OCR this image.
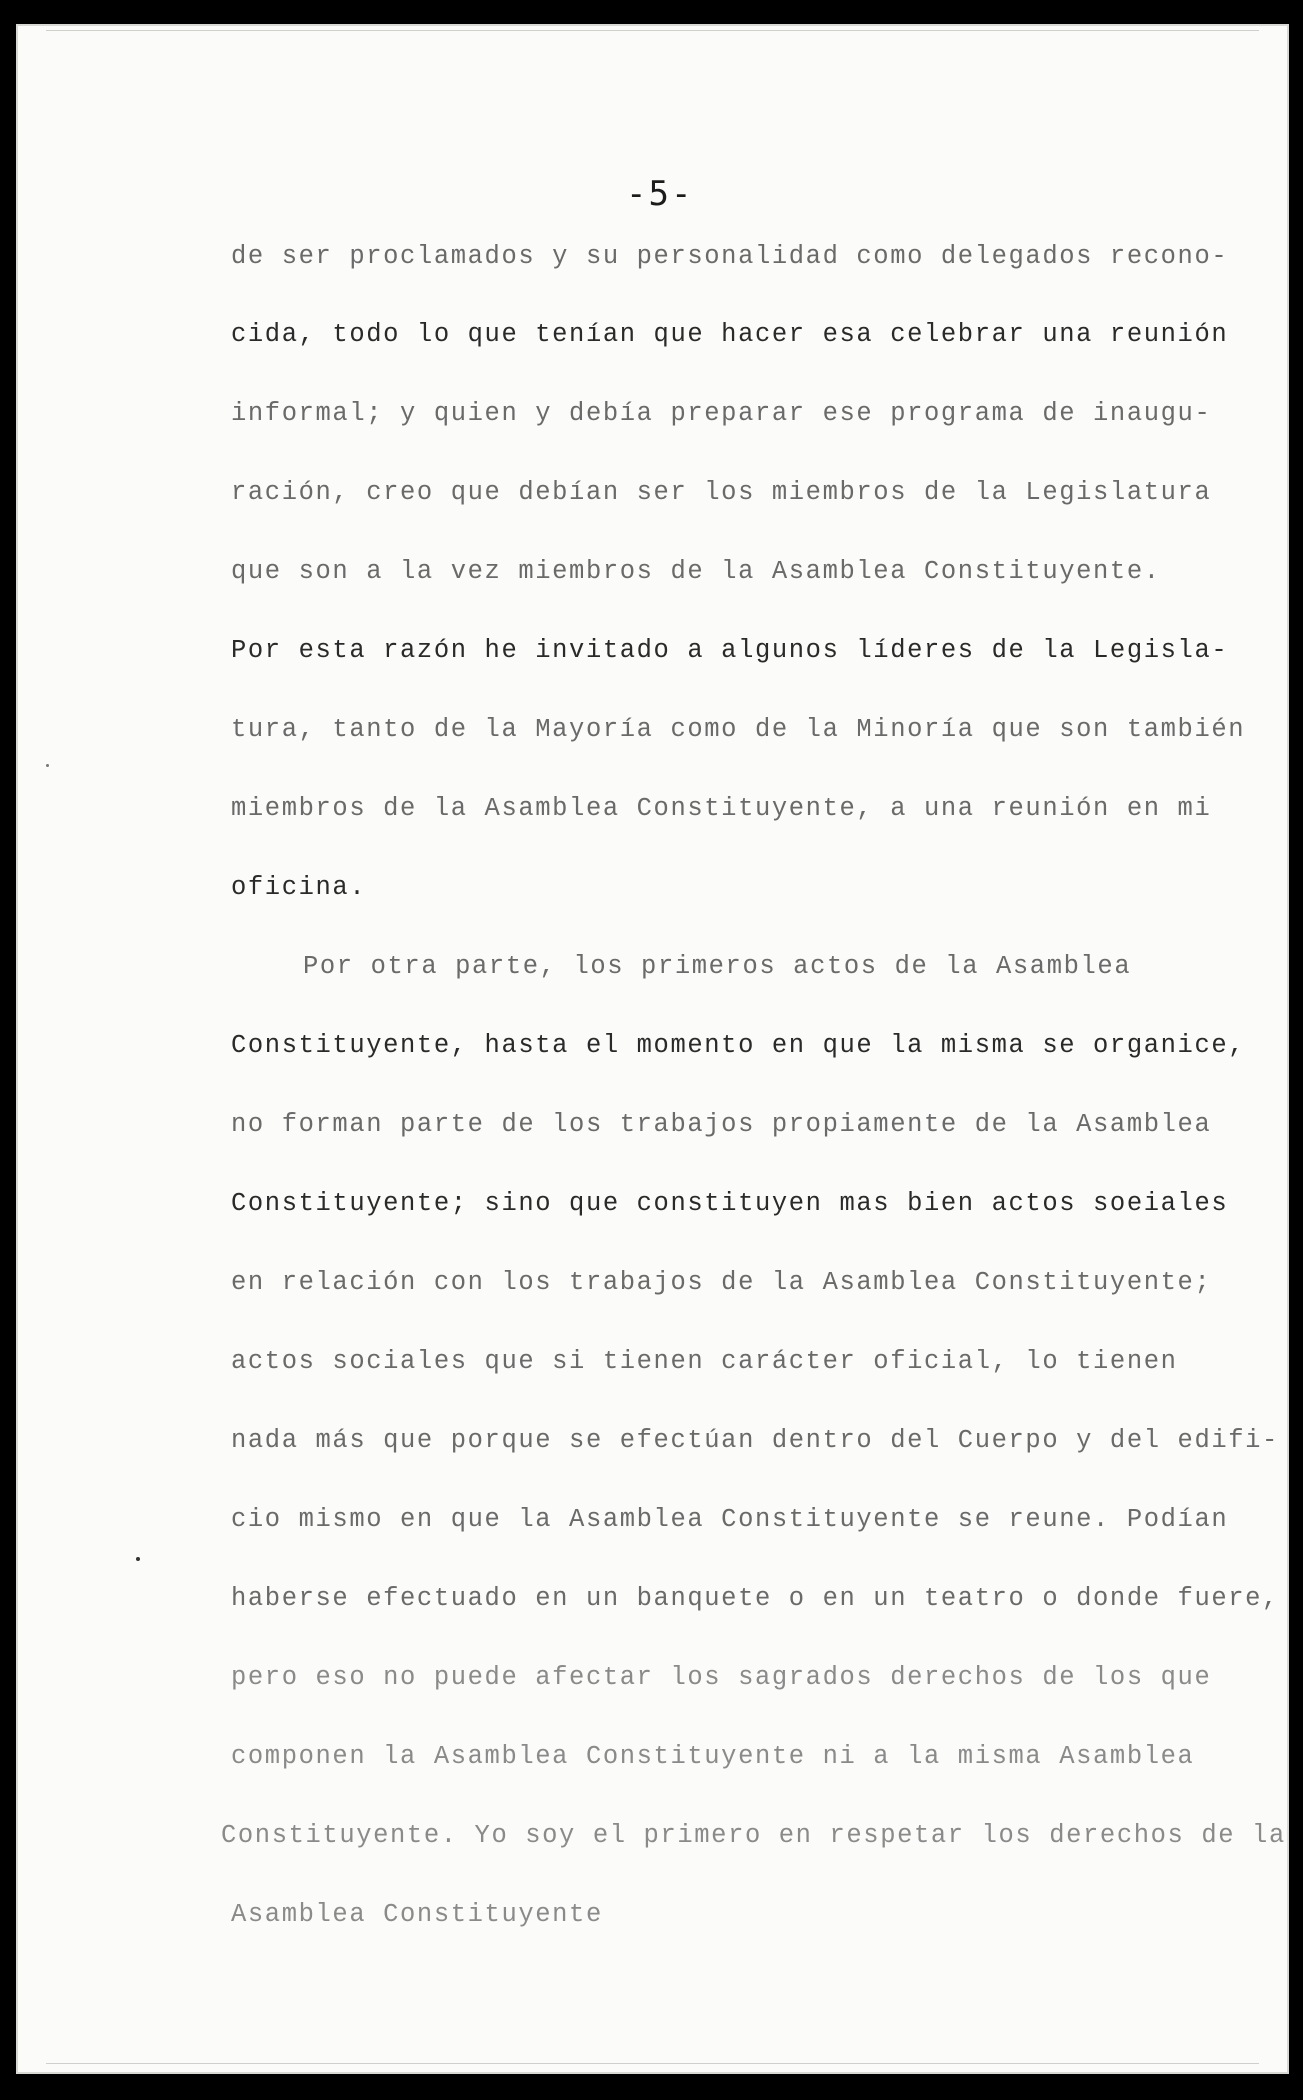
-5-

de ser proclamados y su personalidad como delegados recono-

cida, todo lo que tenían que hacer esa celebrar una reunión

informal; y quien y debía preparar ese programa de inaugu-

ración, creo que debían ser los miembros de la Legislatura

que son a la vez miembros de la Asamblea Constituyente.

Por esta razón he invitado a algunos líderes de la Legisla-

tura, tanto de la Mayoría como de la Minoría que son también

miembros de la Asamblea Constituyente, a una reunión en mi

oficina.

Por otra parte, los primeros actos de la Asamblea

Constituyente, hasta el momento en que la misma se organice,

no forman parte de los trabajos propiamente de la Asamblea

Constituyente; sino que constituyen mas bien actos soeiales

en relación con los trabajos de la Asamblea Constituyente;

actos sociales que si tienen carácter oficial, lo tienen

nada más que porque se efectúan dentro del Cuerpo y del edifi-

cio mismo en que la Asamblea Constituyente se reune. Podían

haberse efectuado en un banquete o en un teatro o donde fuere,

pero eso no puede afectar los sagrados derechos de los que

componen la Asamblea Constituyente ni a la misma Asamblea

Constituyente. Yo soy el primero en respetar los derechos de la

Asamblea Constituyente
